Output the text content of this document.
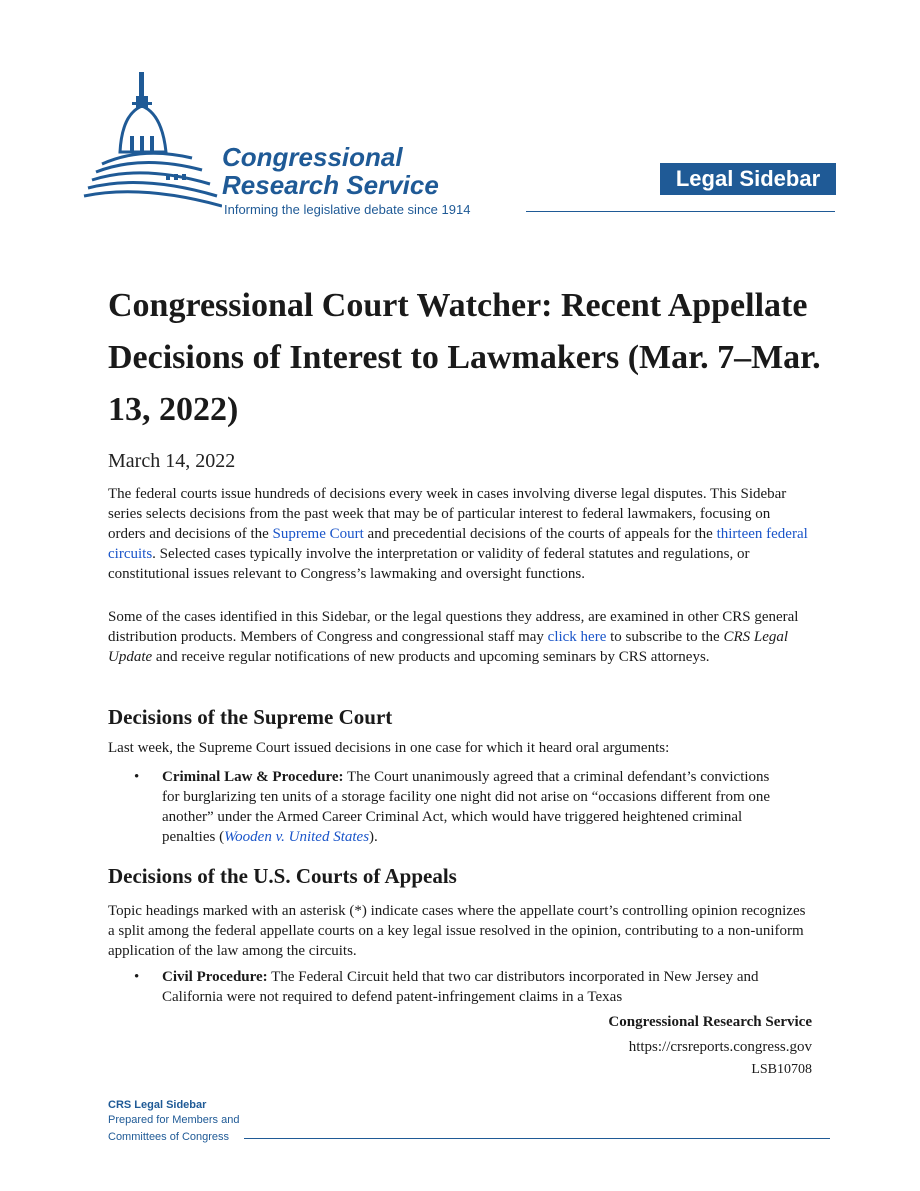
Congressional
Research Service
Informing the legislative debate since 1914
Legal Sidebar
Congressional Court Watcher: Recent Appellate Decisions of Interest to Lawmakers (Mar. 7–Mar. 13, 2022)
March 14, 2022
The federal courts issue hundreds of decisions every week in cases involving diverse legal disputes. This Sidebar series selects decisions from the past week that may be of particular interest to federal lawmakers, focusing on orders and decisions of the Supreme Court and precedential decisions of the courts of appeals for the thirteen federal circuits. Selected cases typically involve the interpretation or validity of federal statutes and regulations, or constitutional issues relevant to Congress’s lawmaking and oversight functions.
Some of the cases identified in this Sidebar, or the legal questions they address, are examined in other CRS general distribution products. Members of Congress and congressional staff may click here to subscribe to the CRS Legal Update and receive regular notifications of new products and upcoming seminars by CRS attorneys.
Decisions of the Supreme Court
Last week, the Supreme Court issued decisions in one case for which it heard oral arguments:
• Criminal Law & Procedure: The Court unanimously agreed that a criminal defendant’s convictions for burglarizing ten units of a storage facility one night did not arise on “occasions different from one another” under the Armed Career Criminal Act, which would have triggered heightened criminal penalties (Wooden v. United States).
Decisions of the U.S. Courts of Appeals
Topic headings marked with an asterisk (*) indicate cases where the appellate court’s controlling opinion recognizes a split among the federal appellate courts on a key legal issue resolved in the opinion, contributing to a non-uniform application of the law among the circuits.
• Civil Procedure: The Federal Circuit held that two car distributors incorporated in New Jersey and California were not required to defend patent-infringement claims in a Texas
Congressional Research Service
https://crsreports.congress.gov
LSB10708
CRS Legal Sidebar
Prepared for Members and
Committees of Congress
